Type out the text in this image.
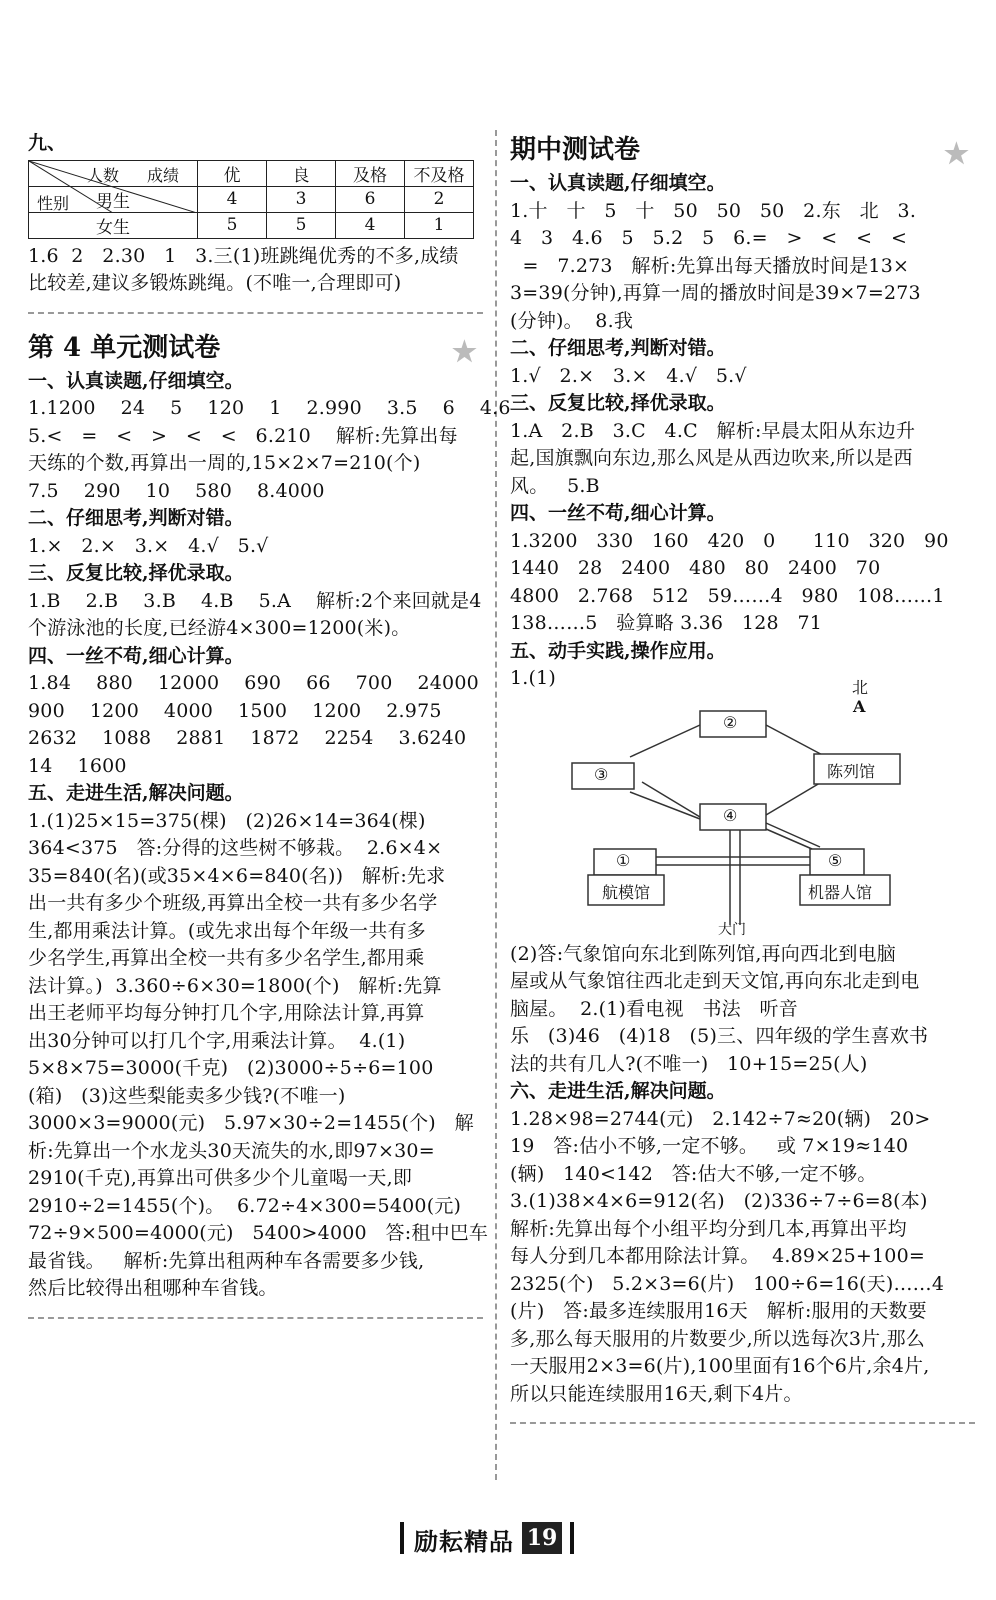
九、

人数 成绩
性别	优	良	及格	不及格

男生	4	3	6	2
女生	5	5	4	1

1.6  2   2.30   1   3.三(1)班跳绳优秀的不多,成绩

比较差,建议多锻炼跳绳。(不唯一,合理即可)

第 4 单元测试卷	★

一、认真读题,仔细填空。

1.1200    24    5    120    1    2.990    3.5    6    4.6

5.<   =   <   >   <   <   6.210    解析:先算出每

天练的个数,再算出一周的,15×2×7=210(个)

7.5    290    10    580    8.4000

二、仔细思考,判断对错。

1.×   2.×   3.×   4.√   5.√

三、反复比较,择优录取。

1.B    2.B    3.B    4.B    5.A    解析:2个来回就是4

个游泳池的长度,已经游4×300=1200(米)。

四、一丝不苟,细心计算。

1.84    880    12000    690    66    700    24000

900    1200    4000    1500    1200    2.975

2632    1088    2881    1872    2254    3.6240

14    1600

五、走进生活,解决问题。

1.(1)25×15=375(棵)   (2)26×14=364(棵)

364<375   答:分得的这些树不够栽。  2.6×4×

35=840(名)(或35×4×6=840(名))   解析:先求

出一共有多少个班级,再算出全校一共有多少名学

生,都用乘法计算。(或先求出每个年级一共有多

少名学生,再算出全校一共有多少名学生,都用乘

法计算。)  3.360÷6×30=1800(个)   解析:先算

出王老师平均每分钟打几个字,用除法计算,再算

出30分钟可以打几个字,用乘法计算。  4.(1)

5×8×75=3000(千克)   (2)3000÷5÷6=100

(箱)   (3)这些梨能卖多少钱?(不唯一)

3000×3=9000(元)   5.97×30÷2=1455(个)   解

析:先算出一个水龙头30天流失的水,即97×30=

2910(千克),再算出可供多少个儿童喝一天,即

2910÷2=1455(个)。  6.72÷4×300=5400(元)

72÷9×500=4000(元)   5400>4000   答:租中巴车

最省钱。   解析:先算出租两种车各需要多少钱,

然后比较得出租哪种车省钱。

期中测试卷	★

一、认真读题,仔细填空。

1.十   十   5   十   50   50   50   2.东   北   3.

4   3   4.6   5   5.2   5   6.=   >   <   <   <

=   7.273   解析:先算出每天播放时间是13×

3=39(分钟),再算一周的播放时间是39×7=273

(分钟)。  8.我

二、仔细思考,判断对错。

1.√   2.×   3.×   4.√   5.√

三、反复比较,择优录取。

1.A   2.B   3.C   4.C   解析:早晨太阳从东边升

起,国旗飘向东边,那么风是从西边吹来,所以是西

风。   5.B

四、一丝不苟,细心计算。

1.3200   330   160   420   0      110   320   90

1440   28   2400   480   80   2400   70

4800   2.768   512   59……4   980   108……1

138……5   验算略 3.36   128   71

五、动手实践,操作应用。

1.(1)	北
A
②
③	陈列馆
④
①
航模馆
⑤
机器人馆
大门

(2)答:气象馆向东北到陈列馆,再向西北到电脑

屋或从气象馆往西北走到天文馆,再向东北走到电

脑屋。  2.(1)看电视   书法   听音

乐   (3)46   (4)18   (5)三、四年级的学生喜欢书

法的共有几人?(不唯一)   10+15=25(人)

六、走进生活,解决问题。

1.28×98=2744(元)   2.142÷7≈20(辆)   20>

19   答:估小不够,一定不够。   或 7×19≈140

(辆)   140<142   答:估大不够,一定不够。

3.(1)38×4×6=912(名)   (2)336÷7÷6=8(本)

解析:先算出每个小组平均分到几本,再算出平均

每人分到几本都用除法计算。  4.89×25+100=

2325(个)   5.2×3=6(片)   100÷6=16(天)……4

(片)   答:最多连续服用16天   解析:服用的天数要

多,那么每天服用的片数要少,所以选每次3片,那么

一天服用2×3=6(片),100里面有16个6片,余4片,

所以只能连续服用16天,剩下4片。

励耘精品 19
